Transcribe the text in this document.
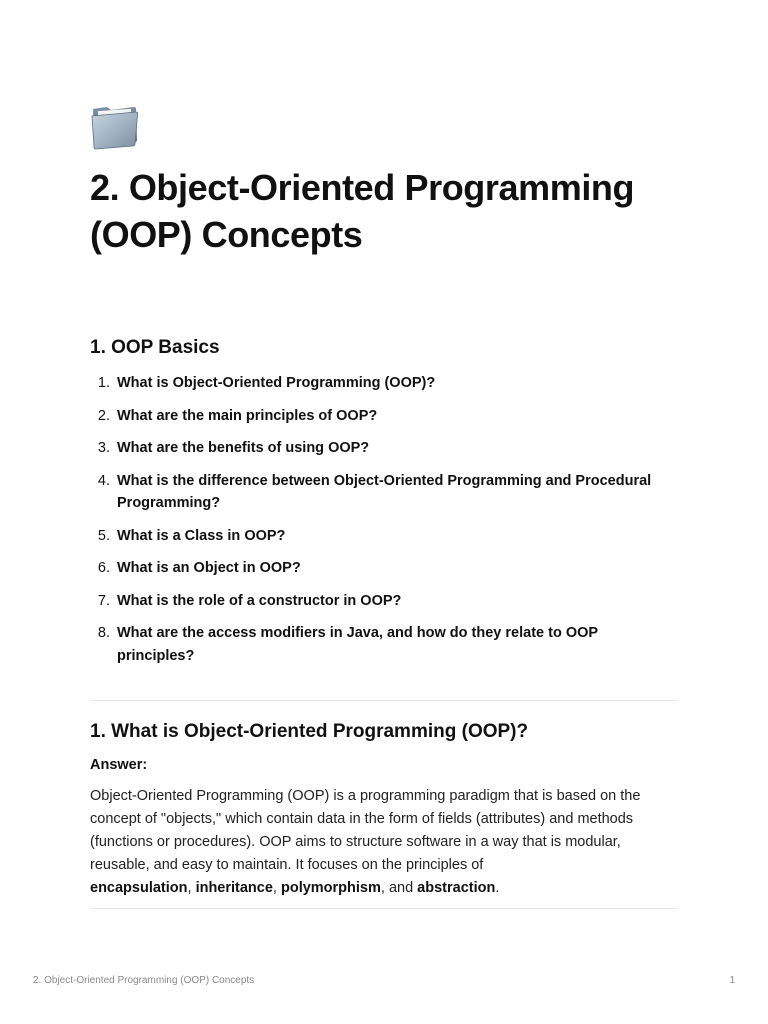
2. Object-Oriented Programming (OOP) Concepts
1. OOP Basics
1. What is Object-Oriented Programming (OOP)?
2. What are the main principles of OOP?
3. What are the benefits of using OOP?
4. What is the difference between Object-Oriented Programming and Procedural Programming?
5. What is a Class in OOP?
6. What is an Object in OOP?
7. What is the role of a constructor in OOP?
8. What are the access modifiers in Java, and how do they relate to OOP principles?
1. What is Object-Oriented Programming (OOP)?

Answer:

Object-Oriented Programming (OOP) is a programming paradigm that is based on the concept of "objects," which contain data in the form of fields (attributes) and methods (functions or procedures). OOP aims to structure software in a way that is modular, reusable, and easy to maintain. It focuses on the principles of
encapsulation, inheritance, polymorphism, and abstraction.

2. Object-Oriented Programming (OOP) Concepts	1
